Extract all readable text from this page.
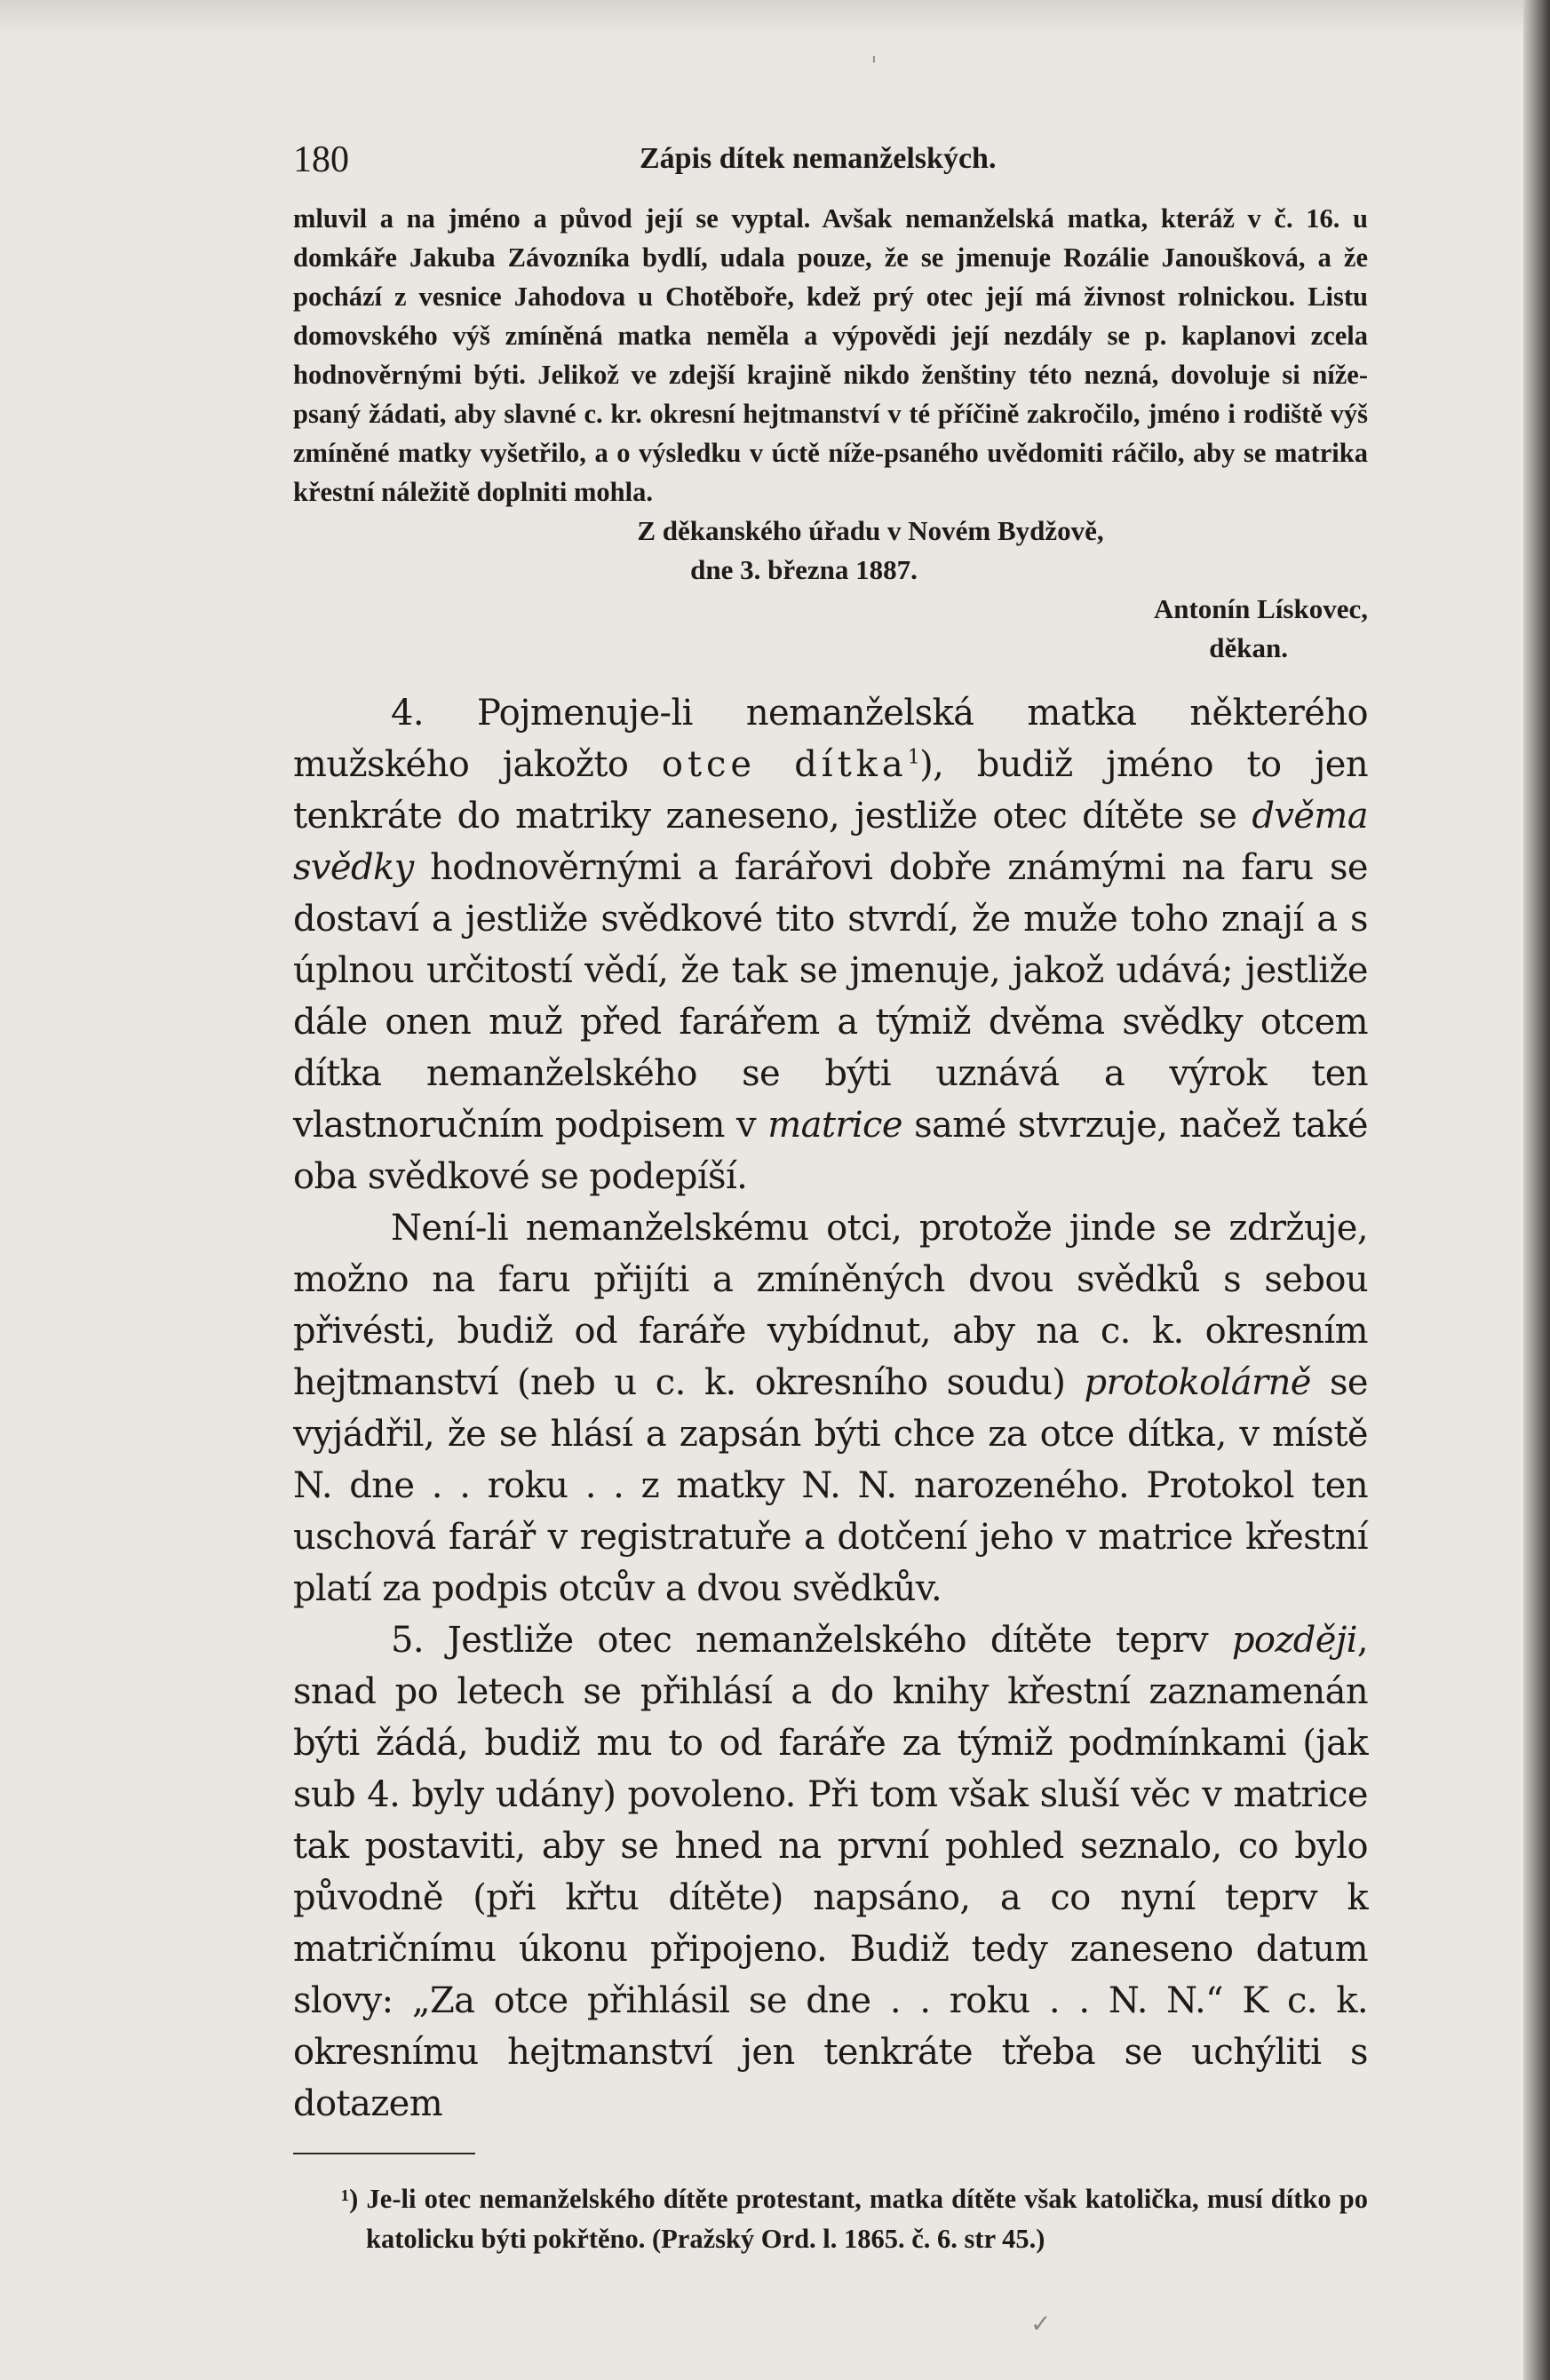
ˈ
✓
180	Zápis dítek nemanželských.
mluvil a na jméno a původ její se vyptal. Avšak nemanželská matka, kteráž v č. 16. u domkáře Jakuba Závozníka bydlí, udala pouze, že se jmenuje Rozálie Janoušková, a že pochází z vesnice Jahodova u Chotěboře, kdež prý otec její má živnost rolnickou. Listu domovského výš zmíněná matka neměla a výpovědi její nezdály se p. kaplanovi zcela hodnověrnými býti. Jelikož ve zdejší krajině nikdo ženštiny této nezná, dovoluje si níže-psaný žádati, aby slavné c. kr. okresní hejtmanství v té příčině zakročilo, jméno i rodiště výš zmíněné matky vyšetřilo, a o výsledku v úctě níže-psaného uvědomiti ráčilo, aby se matrika křestní náležitě doplniti mohla.
Z děkanského úřadu v Novém Bydžově,
dne 3. března 1887.
Antonín Lískovec,
děkan.

4. Pojmenuje-li nemanželská matka některého mužského jakožto otce dítka$^1$), budiž jméno to jen tenkráte do matriky zaneseno, jestliže otec dítěte se dvěma svědky hodnověrnými a farářovi dobře známými na faru se dostaví a jestliže svědkové tito stvrdí, že muže toho znají a s úplnou určitostí vědí, že tak se jmenuje, jakož udává; jestliže dále onen muž před farářem a týmiž dvěma svědky otcem dítka nemanželského se býti uznává a výrok ten vlastnoručním podpisem v matrice samé stvrzuje, načež také oba svědkové se podepíší.

Není-li nemanželskému otci, protože jinde se zdržuje, možno na faru přijíti a zmíněných dvou svědků s sebou přivésti, budiž od faráře vybídnut, aby na c. k. okresním hejtmanství (neb u c. k. okresního soudu) protokolárně se vyjádřil, že se hlásí a zapsán býti chce za otce dítka, v místě N. dne . . roku . . z matky N. N. narozeného. Protokol ten uschová farář v registratuře a dotčení jeho v matrice křestní platí za podpis otcův a dvou svědkův.

5. Jestliže otec nemanželského dítěte teprv později, snad po letech se přihlásí a do knihy křestní zaznamenán býti žádá, budiž mu to od faráře za týmiž podmínkami (jak sub 4. byly udány) povoleno. Při tom však sluší věc v matrice tak postaviti, aby se hned na první pohled seznalo, co bylo původně (při křtu dítěte) napsáno, a co nyní teprv k matričnímu úkonu připojeno. Budiž tedy zaneseno datum slovy: „Za otce přihlásil se dne . . roku . . N. N.“ K c. k. okresnímu hejtmanství jen tenkráte třeba se uchýliti s dotazem

¹) Je-li otec nemanželského dítěte protestant, matka dítěte však katolička, musí dítko po katolicku býti pokřtěno. (Pražský Ord. l. 1865. č. 6. str 45.)
